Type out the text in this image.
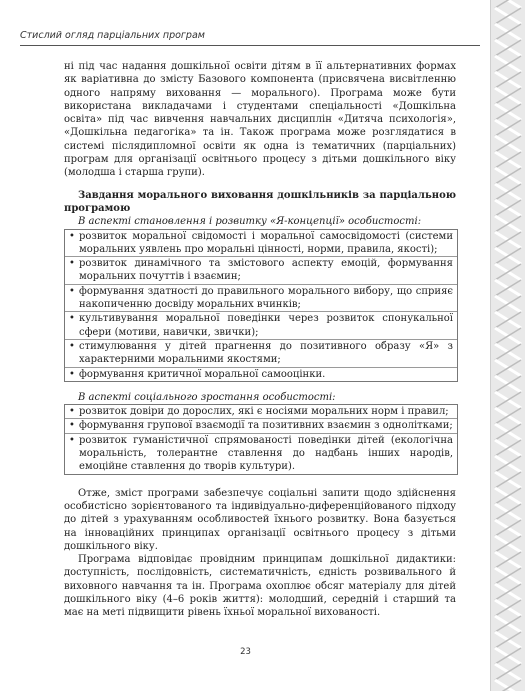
Стислий огляд парціальних програм

ні під час надання дошкільної освіти дітям в її альтернативних формах як варіативна до змісту Базового компонента (присвячена висвітленню одного напряму виховання — морального). Програма може бути використана викладачами і студентами спеціальності «Дошкільна освіта» під час вивчення навчальних дисциплін «Дитяча психологія», «Дошкільна педагогіка» та ін. Також програма може розглядатися в системі післядипломної освіти як одна із тематичних (парціальних) програм для організації освітнього процесу з дітьми дошкільного віку (молодша і старша групи).

Завдання морального виховання дошкільників за парціальною програмою

В аспекті становлення і розвитку «Я-концепції» особистості:

• розвиток моральної свідомості і моральної самосвідомості (системи моральних уявлень про моральні цінності, норми, правила, якості);
• розвиток динамічного та змістового аспекту емоцій, формування моральних почуттів і взаємин;
• формування здатності до правильного морального вибору, що сприяє накопиченню досвіду моральних вчинків;
• культивування моральної поведінки через розвиток спонукальної сфери (мотиви, навички, звички);
• стимулювання у дітей прагнення до позитивного образу «Я» з характерними моральними якостями;
• формування критичної моральної самооцінки.

В аспекті соціального зростання особистості:

• розвиток довіри до дорослих, які є носіями моральних норм і правил;
• формування групової взаємодії та позитивних взаємин з однолітками;
• розвиток гуманістичної спрямованості поведінки дітей (екологічна моральність, толерантне ставлення до надбань інших народів, емоційне ставлення до творів культури).

Отже, зміст програми забезпечує соціальні запити щодо здійснення особистісно зорієнтованого та індивідуально-диференційованого підходу до дітей з урахуванням особливостей їхнього розвитку. Вона базується на інноваційних принципах організації освітнього процесу з дітьми дошкільного віку.

Програма відповідає провідним принципам дошкільної дидактики: доступність, послідовність, систематичність, єдність розвивального й виховного навчання та ін. Програма охоплює обсяг матеріалу для дітей дошкільного віку (4–6 років життя): молодший, середній і старший та має на меті підвищити рівень їхньої моральної вихованості.

23
